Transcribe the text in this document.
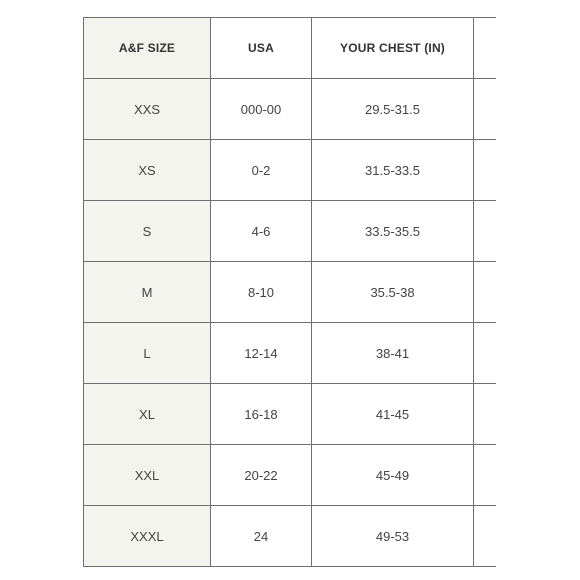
A&F SIZE	USA	YOUR CHEST (IN)	
XXS	000-00	29.5-31.5	
XS	0-2	31.5-33.5	
S	4-6	33.5-35.5	
M	8-10	35.5-38	
L	12-14	38-41	
XL	16-18	41-45	
XXL	20-22	45-49	
XXXL	24	49-53	
